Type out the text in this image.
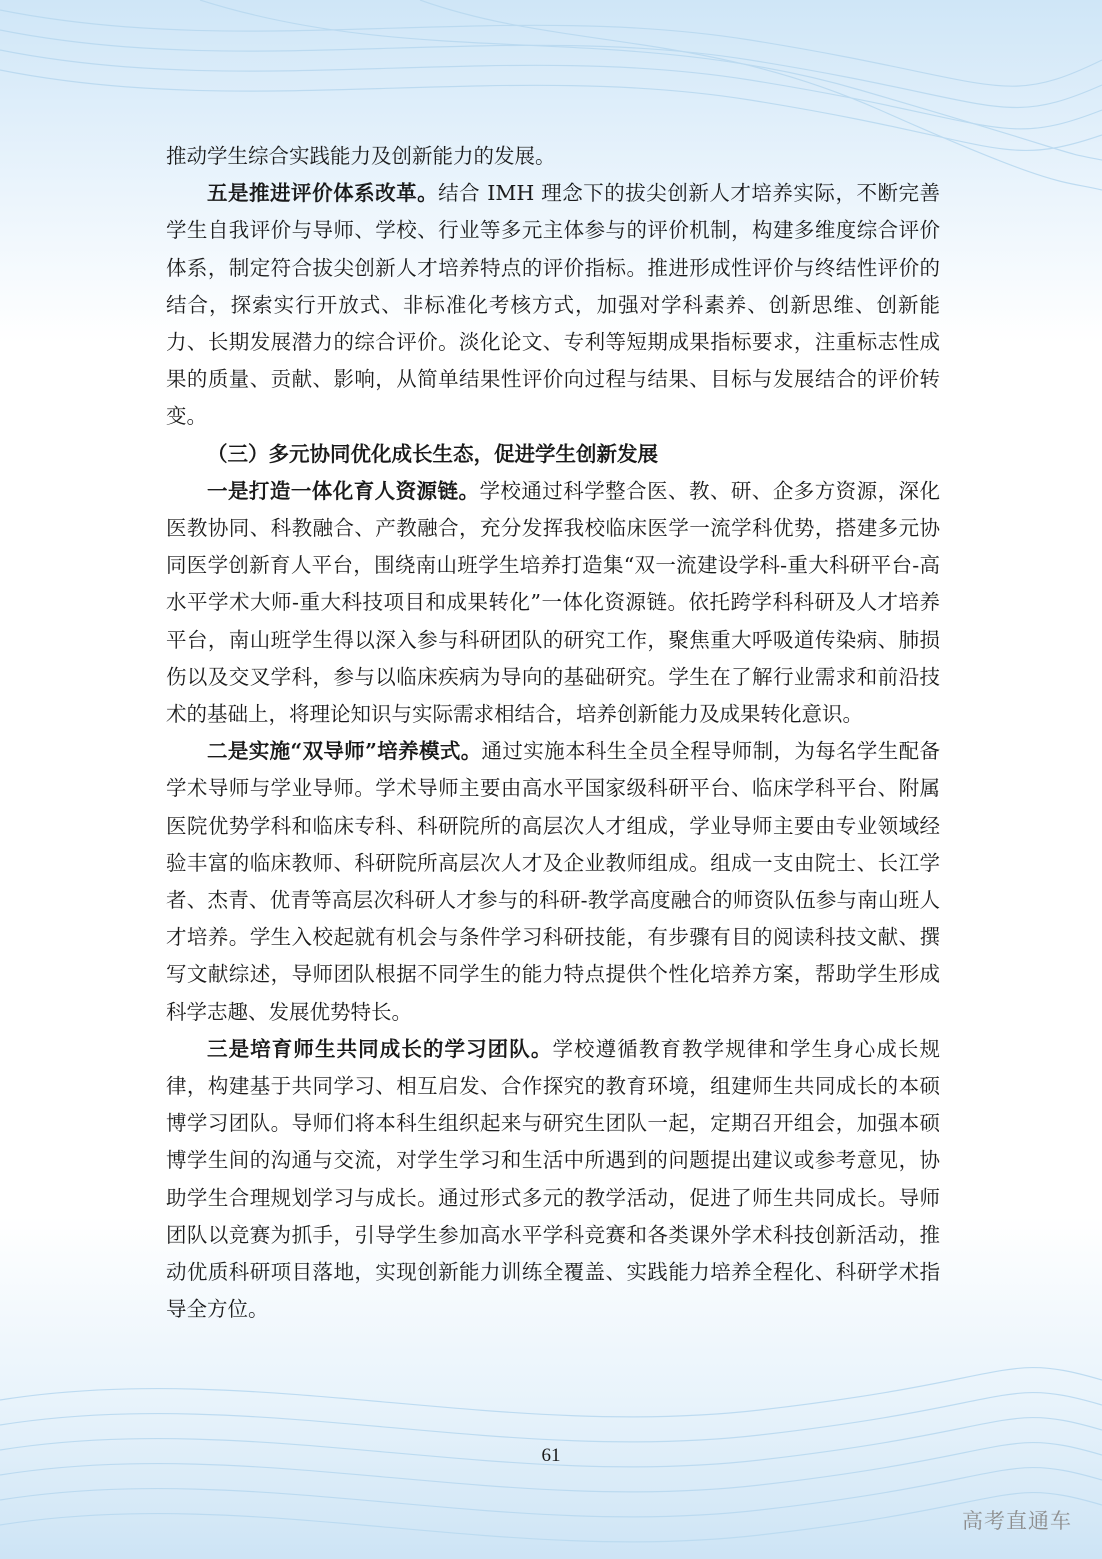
推动学生综合实践能力及创新能力的发展。

五是推进评价体系改革。结合 IMH 理念下的拔尖创新人才培养实际，不断完善学生自我评价与导师、学校、行业等多元主体参与的评价机制，构建多维度综合评价体系，制定符合拔尖创新人才培养特点的评价指标。推进形成性评价与终结性评价的结合，探索实行开放式、非标准化考核方式，加强对学科素养、创新思维、创新能力、长期发展潜力的综合评价。淡化论文、专利等短期成果指标要求，注重标志性成果的质量、贡献、影响，从简单结果性评价向过程与结果、目标与发展结合的评价转变。

（三）多元协同优化成长生态，促进学生创新发展

一是打造一体化育人资源链。学校通过科学整合医、教、研、企多方资源，深化医教协同、科教融合、产教融合，充分发挥我校临床医学一流学科优势，搭建多元协同医学创新育人平台，围绕南山班学生培养打造集“双一流建设学科-重大科研平台-高水平学术大师-重大科技项目和成果转化”一体化资源链。依托跨学科科研及人才培养平台，南山班学生得以深入参与科研团队的研究工作，聚焦重大呼吸道传染病、肺损伤以及交叉学科，参与以临床疾病为导向的基础研究。学生在了解行业需求和前沿技术的基础上，将理论知识与实际需求相结合，培养创新能力及成果转化意识。

二是实施“双导师”培养模式。通过实施本科生全员全程导师制，为每名学生配备学术导师与学业导师。学术导师主要由高水平国家级科研平台、临床学科平台、附属医院优势学科和临床专科、科研院所的高层次人才组成，学业导师主要由专业领域经验丰富的临床教师、科研院所高层次人才及企业教师组成。组成一支由院士、长江学者、杰青、优青等高层次科研人才参与的科研-教学高度融合的师资队伍参与南山班人才培养。学生入校起就有机会与条件学习科研技能，有步骤有目的阅读科技文献、撰写文献综述，导师团队根据不同学生的能力特点提供个性化培养方案，帮助学生形成科学志趣、发展优势特长。

三是培育师生共同成长的学习团队。学校遵循教育教学规律和学生身心成长规律，构建基于共同学习、相互启发、合作探究的教育环境，组建师生共同成长的本硕博学习团队。导师们将本科生组织起来与研究生团队一起，定期召开组会，加强本硕博学生间的沟通与交流，对学生学习和生活中所遇到的问题提出建议或参考意见，协助学生合理规划学习与成长。通过形式多元的教学活动，促进了师生共同成长。导师团队以竞赛为抓手，引导学生参加高水平学科竞赛和各类课外学术科技创新活动，推动优质科研项目落地，实现创新能力训练全覆盖、实践能力培养全程化、科研学术指导全方位。

61
高考直通车
